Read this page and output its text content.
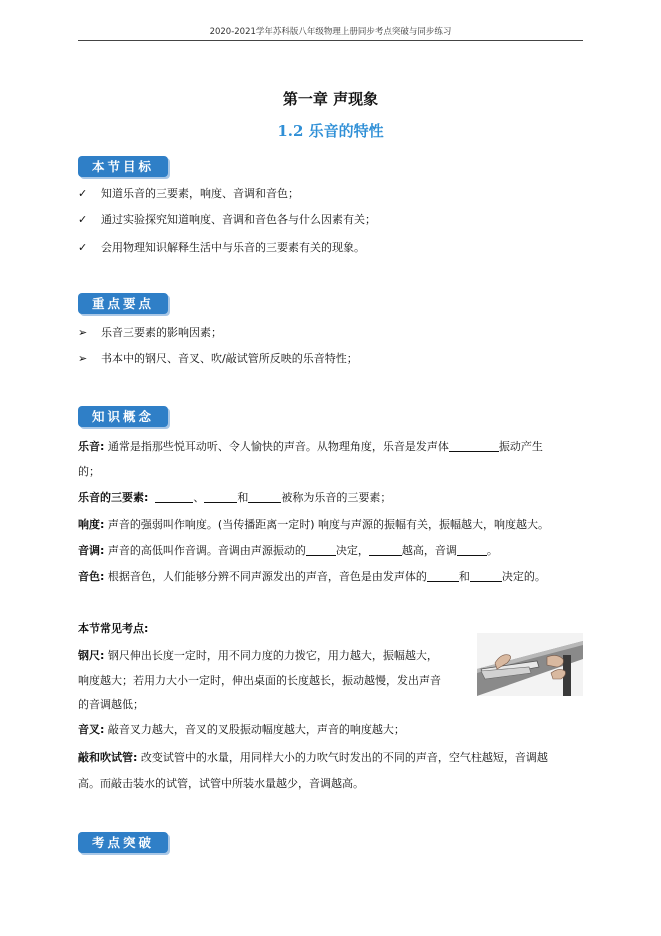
2020-2021学年苏科版八年级物理上册同步考点突破与同步练习
第一章 声现象
1.2 乐音的特性
本节目标
✓ 知道乐音的三要素，响度、音调和音色；
✓ 通过实验探究知道响度、音调和音色各与什么因素有关；
✓ 会用物理知识解释生活中与乐音的三要素有关的现象。
重点要点
➢ 乐音三要素的影响因素；
➢ 书本中的钢尺、音叉、吹/敲试管所反映的乐音特性；
知识概念
乐音: 通常是指那些悦耳动听、令人愉快的声音。从物理角度，乐音是发声体	振动产生
的；
乐音的三要素:	、	和	被称为乐音的三要素；
响度: 声音的强弱叫作响度。(当传播距离一定时) 响度与声源的振幅有关，振幅越大，响度越大。
音调: 声音的高低叫作音调。音调由声源振动的	决定，	越高，音调	。
音色: 根据音色，人们能够分辨不同声源发出的声音，音色是由发声体的	和	决定的。
本节常见考点:
钢尺: 钢尺伸出长度一定时，用不同力度的力拨它，用力越大，振幅越大，
响度越大；若用力大小一定时，伸出桌面的长度越长，振动越慢，发出声音
的音调越低；
音叉: 敲音叉力越大，音叉的叉股振动幅度越大，声音的响度越大；
敲和吹试管: 改变试管中的水量，用同样大小的力吹气时发出的不同的声音，空气柱越短，音调越
高。而敲击装水的试管，试管中所装水量越少，音调越高。
考点突破
